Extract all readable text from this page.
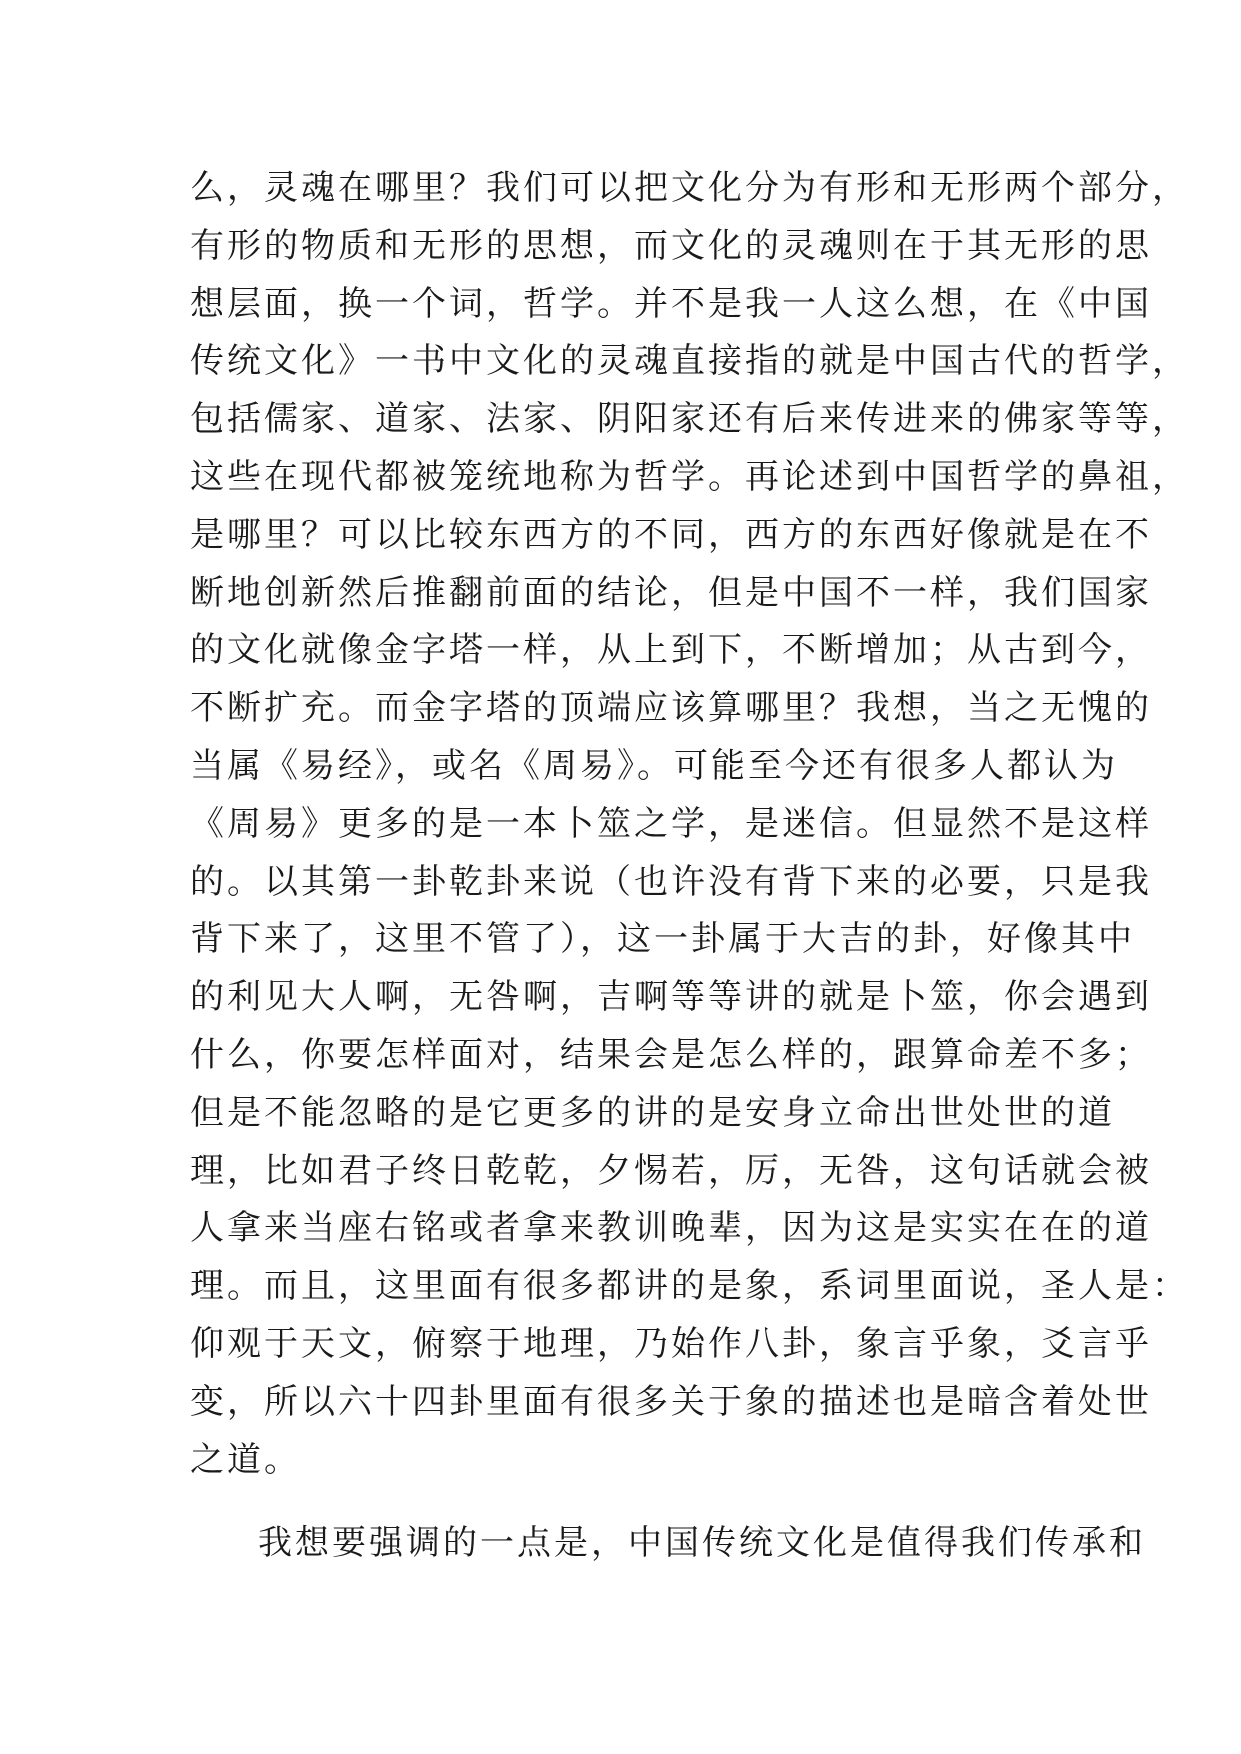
么，灵魂在哪里？我们可以把文化分为有形和无形两个部分，
有形的物质和无形的思想，而文化的灵魂则在于其无形的思
想层面，换一个词，哲学。并不是我一人这么想，在《中国
传统文化》一书中文化的灵魂直接指的就是中国古代的哲学，
包括儒家、道家、法家、阴阳家还有后来传进来的佛家等等，
这些在现代都被笼统地称为哲学。再论述到中国哲学的鼻祖，
是哪里？可以比较东西方的不同，西方的东西好像就是在不
断地创新然后推翻前面的结论，但是中国不一样，我们国家
的文化就像金字塔一样，从上到下，不断增加；从古到今，
不断扩充。而金字塔的顶端应该算哪里？我想，当之无愧的
当属《易经》，或名《周易》。可能至今还有很多人都认为
《周易》更多的是一本卜筮之学，是迷信。但显然不是这样
的。以其第一卦乾卦来说（也许没有背下来的必要，只是我
背下来了，这里不管了），这一卦属于大吉的卦，好像其中
的利见大人啊，无咎啊，吉啊等等讲的就是卜筮，你会遇到
什么，你要怎样面对，结果会是怎么样的，跟算命差不多；
但是不能忽略的是它更多的讲的是安身立命出世处世的道
理，比如君子终日乾乾，夕惕若，厉，无咎，这句话就会被
人拿来当座右铭或者拿来教训晚辈，因为这是实实在在的道
理。而且，这里面有很多都讲的是象，系词里面说，圣人是：
仰观于天文，俯察于地理，乃始作八卦，象言乎象，爻言乎
变，所以六十四卦里面有很多关于象的描述也是暗含着处世
之道。
我想要强调的一点是，中国传统文化是值得我们传承和
